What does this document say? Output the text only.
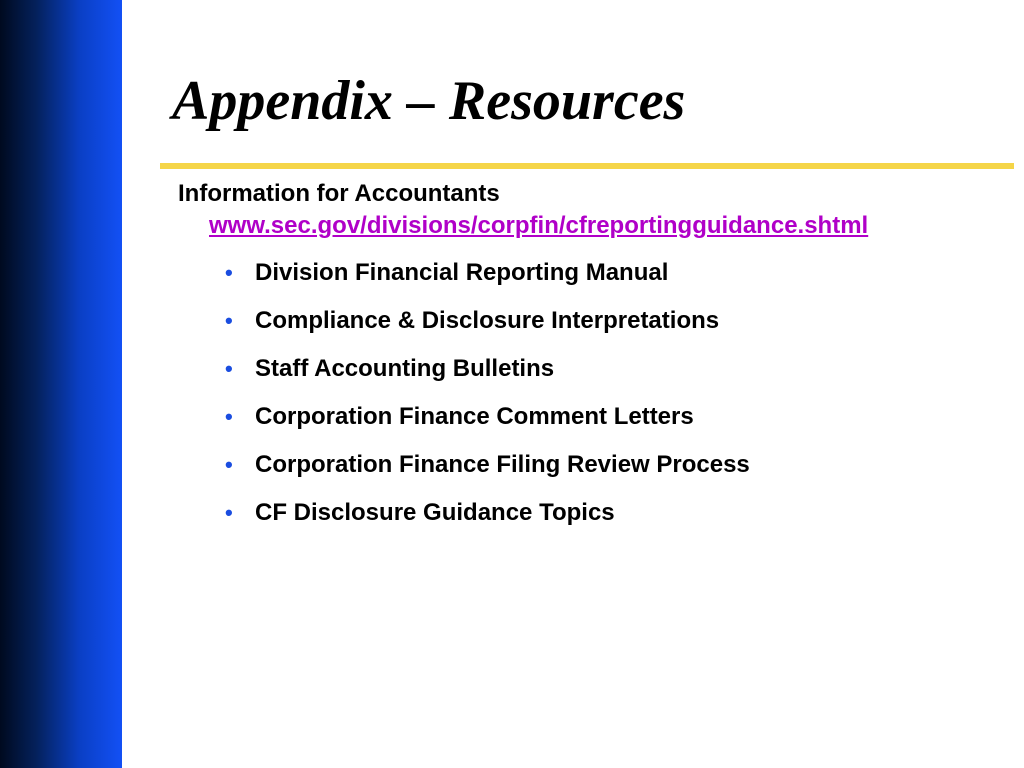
Appendix – Resources

Information for Accountants

www.sec.gov/divisions/corpfin/cfreportingguidance.shtml
• Division Financial Reporting Manual
• Compliance & Disclosure Interpretations
• Staff Accounting Bulletins
• Corporation Finance Comment Letters
• Corporation Finance Filing Review Process
• CF Disclosure Guidance Topics
